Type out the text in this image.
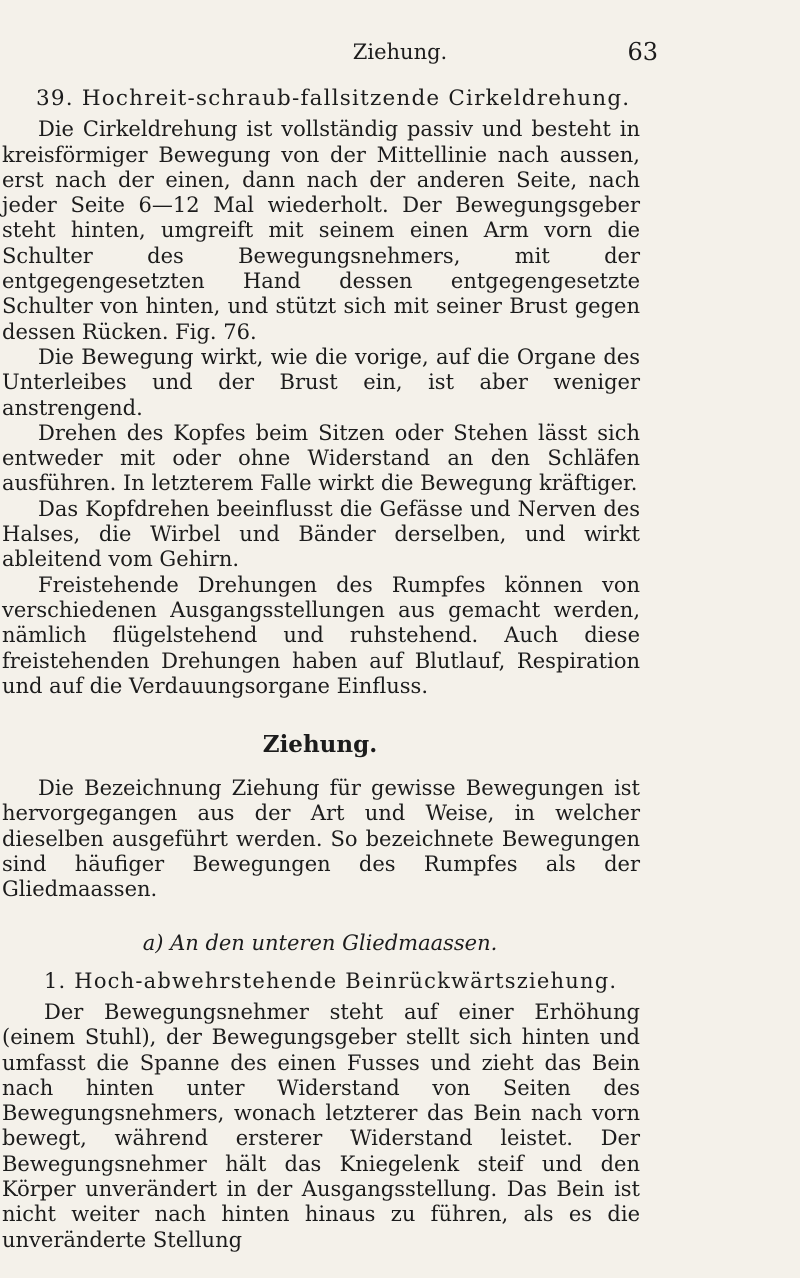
Ziehung.	63

39. Hochreit-schraub-fallsitzende Cirkeldrehung.

Die Cirkeldrehung ist vollständig passiv und besteht in kreisförmiger Bewegung von der Mittellinie nach aussen, erst nach der einen, dann nach der anderen Seite, nach jeder Seite 6—12 Mal wiederholt. Der Bewegungsgeber steht hinten, umgreift mit seinem einen Arm vorn die Schulter des Bewegungsnehmers, mit der entgegengesetzten Hand dessen entgegengesetzte Schulter von hinten, und stützt sich mit seiner Brust gegen dessen Rücken. Fig. 76.

Die Bewegung wirkt, wie die vorige, auf die Organe des Unterleibes und der Brust ein, ist aber weniger anstrengend.

Drehen des Kopfes beim Sitzen oder Stehen lässt sich entweder mit oder ohne Widerstand an den Schläfen ausführen. In letzterem Falle wirkt die Bewegung kräftiger.

Das Kopfdrehen beeinflusst die Gefässe und Nerven des Halses, die Wirbel und Bänder derselben, und wirkt ableitend vom Gehirn.

Freistehende Drehungen des Rumpfes können von verschiedenen Ausgangsstellungen aus gemacht werden, nämlich flügelstehend und ruhstehend. Auch diese freistehenden Drehungen haben auf Blutlauf, Respiration und auf die Verdauungsorgane Einfluss.

Ziehung.

Die Bezeichnung Ziehung für gewisse Bewegungen ist hervorgegangen aus der Art und Weise, in welcher dieselben ausgeführt werden. So bezeichnete Bewegungen sind häufiger Bewegungen des Rumpfes als der Gliedmaassen.

a) An den unteren Gliedmaassen.

1. Hoch-abwehrstehende Beinrückwärtsziehung.

Der Bewegungsnehmer steht auf einer Erhöhung (einem Stuhl), der Bewegungsgeber stellt sich hinten und umfasst die Spanne des einen Fusses und zieht das Bein nach hinten unter Widerstand von Seiten des Bewegungsnehmers, wonach letzterer das Bein nach vorn bewegt, während ersterer Widerstand leistet. Der Bewegungsnehmer hält das Kniegelenk steif und den Körper unverändert in der Ausgangsstellung. Das Bein ist nicht weiter nach hinten hinaus zu führen, als es die unveränderte Stellung
